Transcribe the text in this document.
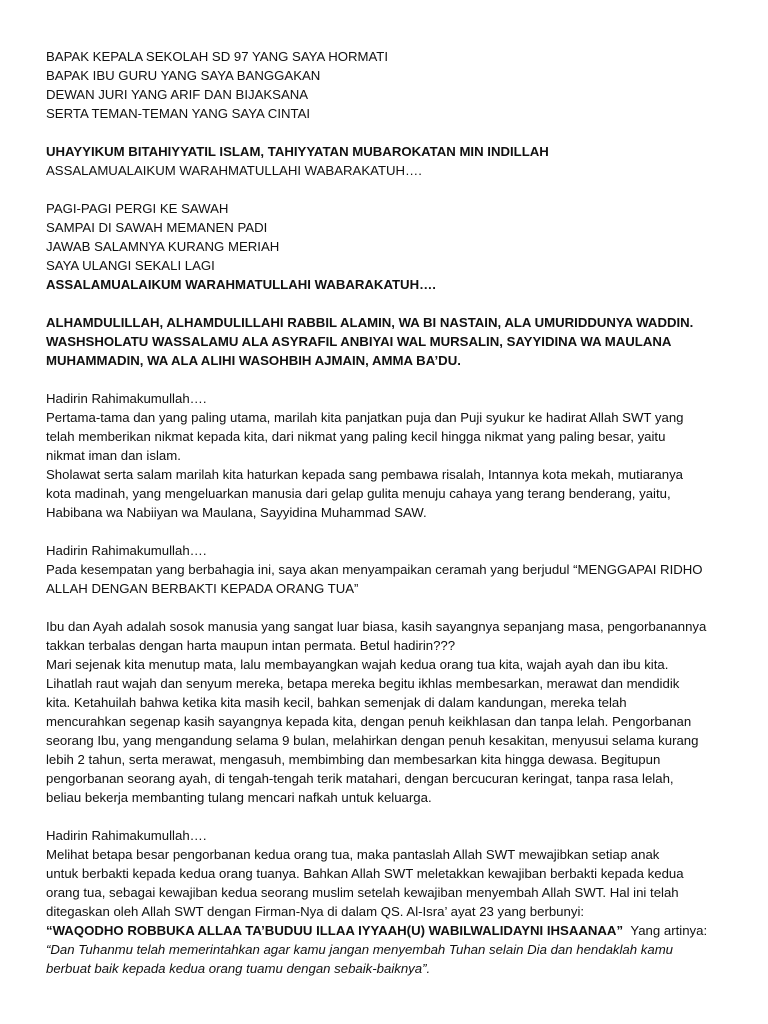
BAPAK KEPALA SEKOLAH SD 97 YANG SAYA HORMATI
BAPAK IBU GURU YANG SAYA BANGGAKAN
DEWAN JURI YANG ARIF DAN BIJAKSANA
SERTA TEMAN-TEMAN YANG SAYA CINTAI
UHAYYIKUM BITAHIYYATIL ISLAM, TAHIYYATAN MUBAROKATAN MIN INDILLAH
ASSALAMUALAIKUM WARAHMATULLAHI WABARAKATUH….
PAGI-PAGI PERGI KE SAWAH
SAMPAI DI SAWAH MEMANEN PADI
JAWAB SALAMNYA KURANG MERIAH
SAYA ULANGI SEKALI LAGI
ASSALAMUALAIKUM WARAHMATULLAHI WABARAKATUH….
ALHAMDULILLAH, ALHAMDULILLAHI RABBIL ALAMIN, WA BI NASTAIN, ALA UMURIDDUNYA WADDIN.
WASHSHOLATU WASSALAMU ALA ASYRAFIL ANBIYAI WAL MURSALIN, SAYYIDINA WA MAULANA
MUHAMMADIN, WA ALA ALIHI WASOHBIH AJMAIN, AMMA BA’DU.
Hadirin Rahimakumullah….
Pertama-tama dan yang paling utama, marilah kita panjatkan puja dan Puji syukur ke hadirat Allah SWT yang
telah memberikan nikmat kepada kita, dari nikmat yang paling kecil hingga nikmat yang paling besar, yaitu
nikmat iman dan islam.
Sholawat serta salam marilah kita haturkan kepada sang pembawa risalah, Intannya kota mekah, mutiaranya
kota madinah, yang mengeluarkan manusia dari gelap gulita menuju cahaya yang terang benderang, yaitu,
Habibana wa Nabiiyan wa Maulana, Sayyidina Muhammad SAW.
Hadirin Rahimakumullah….
Pada kesempatan yang berbahagia ini, saya akan menyampaikan ceramah yang berjudul “MENGGAPAI RIDHO
ALLAH DENGAN BERBAKTI KEPADA ORANG TUA”
Ibu dan Ayah adalah sosok manusia yang sangat luar biasa, kasih sayangnya sepanjang masa, pengorbanannya
takkan terbalas dengan harta maupun intan permata. Betul hadirin???
Mari sejenak kita menutup mata, lalu membayangkan wajah kedua orang tua kita, wajah ayah dan ibu kita.
Lihatlah raut wajah dan senyum mereka, betapa mereka begitu ikhlas membesarkan, merawat dan mendidik
kita. Ketahuilah bahwa ketika kita masih kecil, bahkan semenjak di dalam kandungan, mereka telah
mencurahkan segenap kasih sayangnya kepada kita, dengan penuh keikhlasan dan tanpa lelah. Pengorbanan
seorang Ibu, yang mengandung selama 9 bulan, melahirkan dengan penuh kesakitan, menyusui selama kurang
lebih 2 tahun, serta merawat, mengasuh, membimbing dan membesarkan kita hingga dewasa. Begitupun
pengorbanan seorang ayah, di tengah-tengah terik matahari, dengan bercucuran keringat, tanpa rasa lelah,
beliau bekerja membanting tulang mencari nafkah untuk keluarga.
Hadirin Rahimakumullah….
Melihat betapa besar pengorbanan kedua orang tua, maka pantaslah Allah SWT mewajibkan setiap anak
untuk berbakti kepada kedua orang tuanya. Bahkan Allah SWT meletakkan kewajiban berbakti kepada kedua
orang tua, sebagai kewajiban kedua seorang muslim setelah kewajiban menyembah Allah SWT. Hal ini telah
ditegaskan oleh Allah SWT dengan Firman-Nya di dalam QS. Al-Isra’ ayat 23 yang berbunyi:
“WAQODHO ROBBUKA ALLAA TA’BUDUU ILLAA IYYAAH(U) WABILWALIDAYNI IHSAANAA” Yang artinya:
“Dan Tuhanmu telah memerintahkan agar kamu jangan menyembah Tuhan selain Dia dan hendaklah kamu
berbuat baik kepada kedua orang tuamu dengan sebaik-baiknya”.
